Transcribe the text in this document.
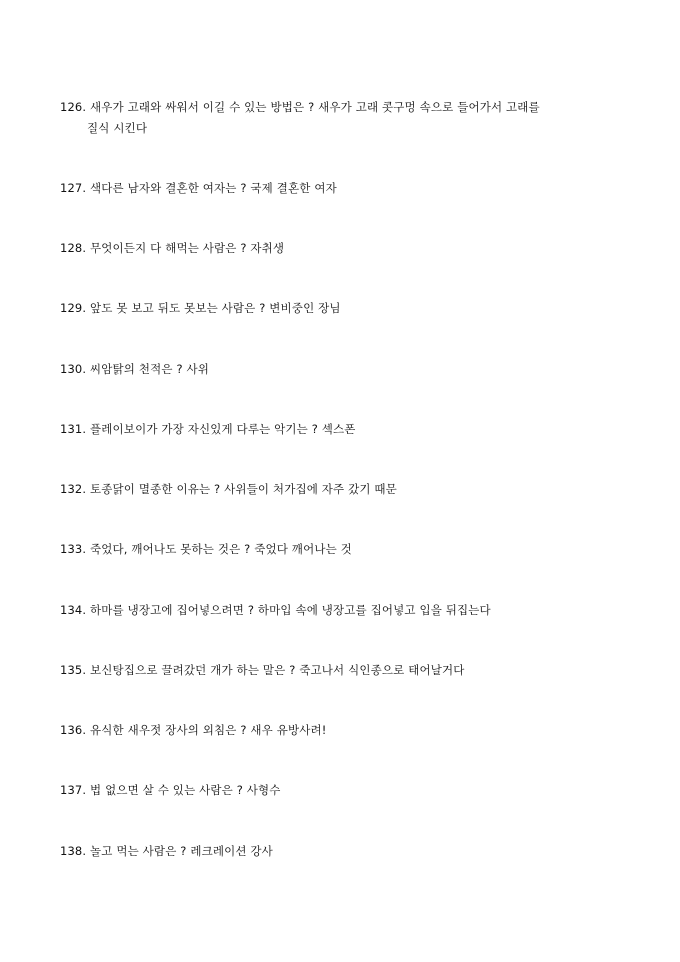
126. 새우가 고래와 싸워서 이길 수 있는 방법은 ? 새우가 고래 콧구멍 속으로 들어가서 고래를
질식 시킨다
127. 색다른 남자와 결혼한 여자는 ? 국제 결혼한 여자
128. 무엇이든지 다 해먹는 사람은 ? 자취생
129. 앞도 못 보고 뒤도 못보는 사람은 ? 변비중인 장님
130. 씨암탉의 천적은 ? 사위
131. 플레이보이가 가장 자신있게 다루는 악기는 ? 섹스폰
132. 토종닭이 멸종한 이유는 ? 사위들이 처가집에 자주 갔기 때문
133. 죽었다, 깨어나도 못하는 것은 ? 죽었다 깨어나는 것
134. 하마를 냉장고에 집어넣으려면 ? 하마입 속에 냉장고를 집어넣고 입을 뒤집는다
135. 보신탕집으로 끌려갔던 개가 하는 말은 ? 죽고나서 식인종으로 태어날거다
136. 유식한 새우젓 장사의 외침은 ? 새우 유방사려!
137. 법 없으면 살 수 있는 사람은 ? 사형수
138. 놀고 먹는 사람은 ? 레크레이션 강사
